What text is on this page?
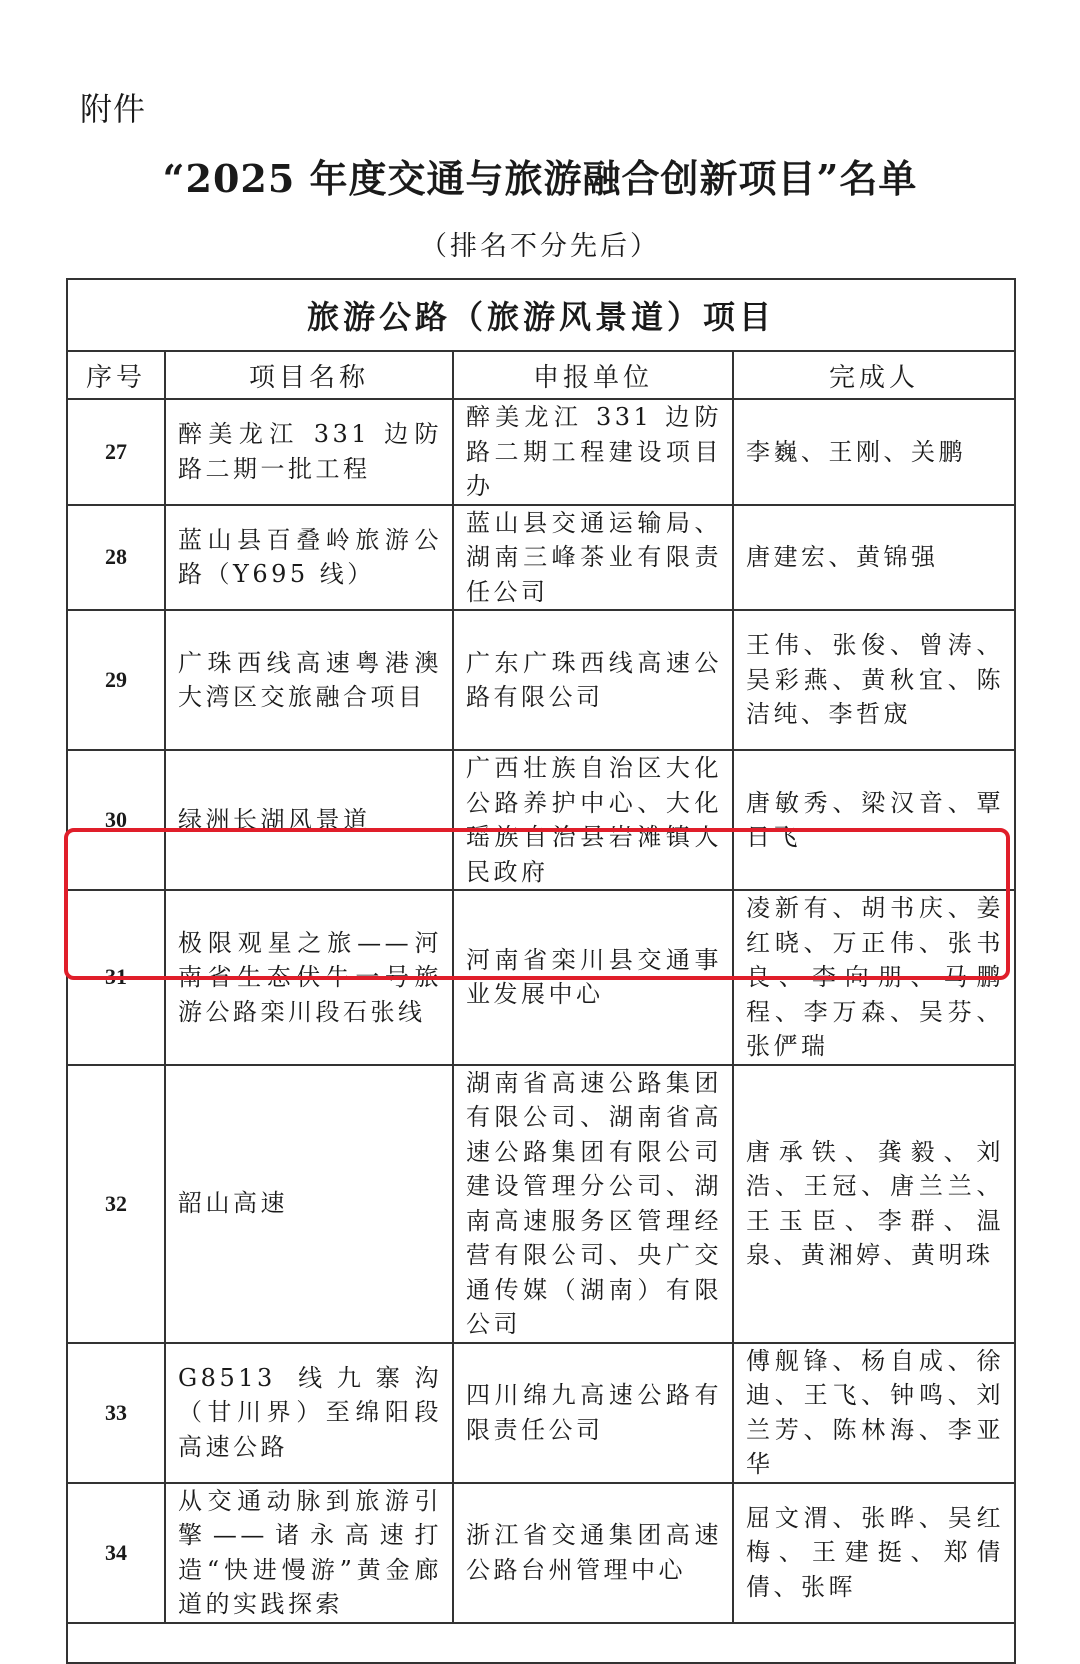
附件
“2025 年度交通与旅游融合创新项目”名单
（排名不分先后）
旅游公路（旅游风景道）项目			
序号	项目名称	申报单位	完成人
27	醉美龙江 331 边防路二期一批工程	醉美龙江 331 边防路二期工程建设项目办	李巍、王刚、关鹏
28	蓝山县百叠岭旅游公路（Y695 线）	蓝山县交通运输局、湖南三峰茶业有限责任公司	唐建宏、黄锦强
29	广珠西线高速粤港澳大湾区交旅融合项目	广东广珠西线高速公路有限公司	王伟、张俊、曾涛、吴彩燕、黄秋宜、陈洁纯、李哲宬
30	绿洲长湖风景道	广西壮族自治区大化公路养护中心、大化瑶族自治县岩滩镇人民政府	唐敏秀、梁汉音、覃日飞
31	极限观星之旅——河南省生态伏牛一号旅游公路栾川段石张线	河南省栾川县交通事业发展中心	凌新有、胡书庆、姜红晓、万正伟、张书良、李向朋、马鹏程、李万森、吴芬、张俨瑞
32	韶山高速	湖南省高速公路集团有限公司、湖南省高速公路集团有限公司建设管理分公司、湖南高速服务区管理经营有限公司、央广交通传媒（湖南）有限公司	唐承铁、龚毅、刘浩、王冠、唐兰兰、王玉臣、李群、温泉、黄湘婷、黄明珠
33	G8513 线九寨沟（甘川界）至绵阳段高速公路	四川绵九高速公路有限责任公司	傅舰锋、杨自成、徐迪、王飞、钟鸣、刘兰芳、陈林海、李亚华
34	从交通动脉到旅游引擎——诸永高速打造“快进慢游”黄金廊道的实践探索	浙江省交通集团高速公路台州管理中心	屈文渭、张晔、吴红梅、王建挺、郑倩倩、张晖
